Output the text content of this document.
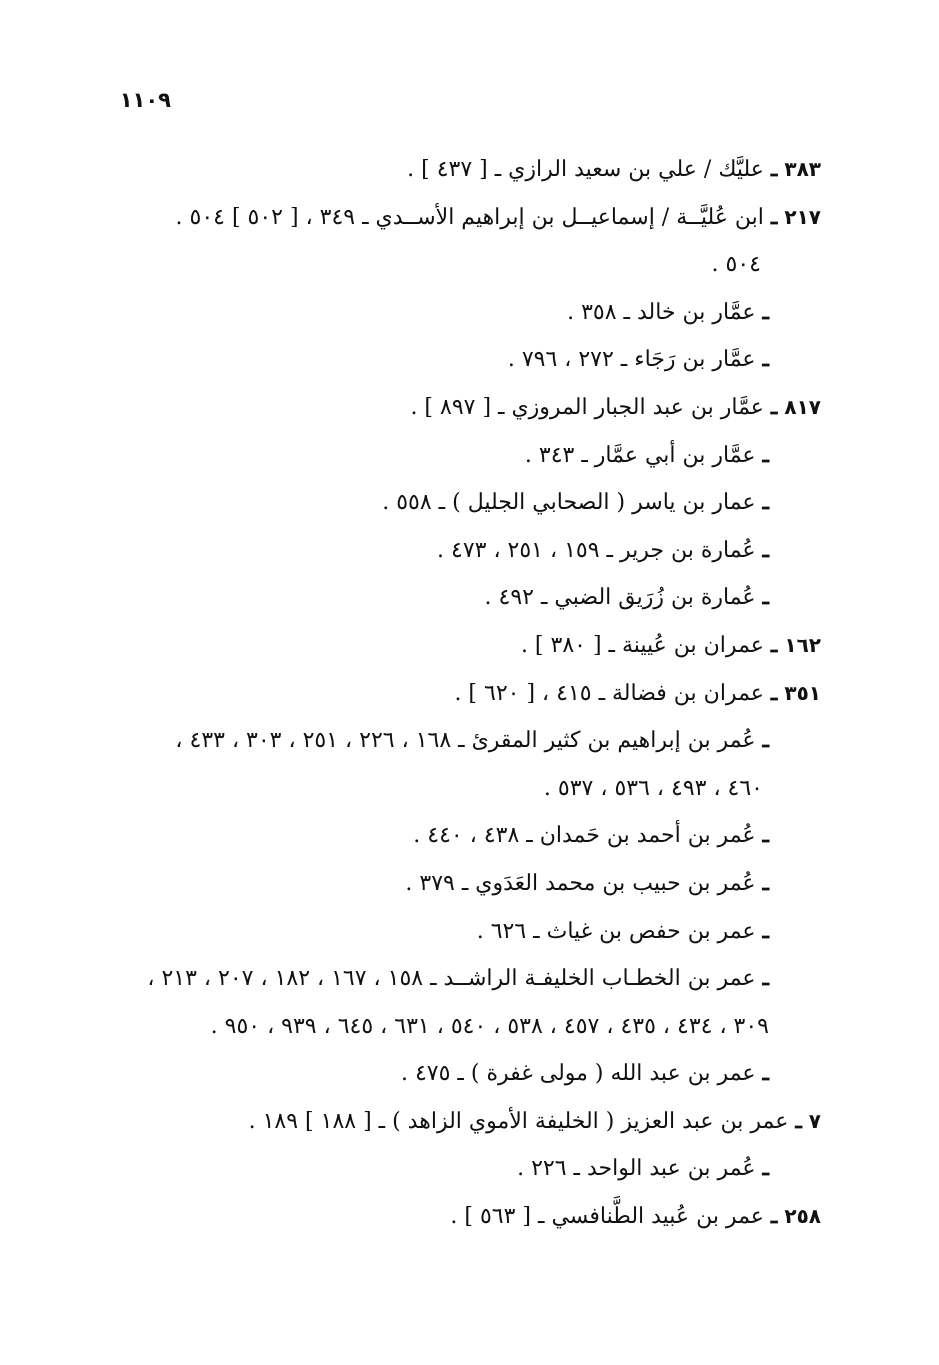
١١٠٩
٣٨٣ ـ عليَّك / علي بن سعيد الرازي ـ [ ٤٣٧ ] .
٢١٧ ـ ابن عُليَّــة / إسماعيــل بن إبراهيم الأســدي ـ ٣٤٩ ، [ ٥٠٢ ] ٥٠٤ .
٥٠٤ .
ـ عمَّار بن خالد ـ ٣٥٨ .
ـ عمَّار بن رَجَاء ـ ٢٧٢ ، ٧٩٦ .
٨١٧ ـ عمَّار بن عبد الجبار المروزي ـ [ ٨٩٧ ] .
ـ عمَّار بن أبي عمَّار ـ ٣٤٣ .
ـ عمار بن ياسر ( الصحابي الجليل ) ـ ٥٥٨ .
ـ عُمارة بن جرير ـ ١٥٩ ، ٢٥١ ، ٤٧٣ .
ـ عُمارة بن زُرَيق الضبي ـ ٤٩٢ .
١٦٢ ـ عمران بن عُيينة ـ [ ٣٨٠ ] .
٣٥١ ـ عمران بن فضالة ـ ٤١٥ ، [ ٦٢٠ ] .
ـ عُمر بن إبراهيم بن كثير المقرئ ـ ١٦٨ ، ٢٢٦ ، ٢٥١ ، ٣٠٣ ، ٤٣٣ ،
٤٦٠ ، ٤٩٣ ، ٥٣٦ ، ٥٣٧ .
ـ عُمر بن أحمد بن حَمدان ـ ٤٣٨ ، ٤٤٠ .
ـ عُمر بن حبيب بن محمد العَدَوي ـ ٣٧٩ .
ـ عمر بن حفص بن غياث ـ ٦٢٦ .
ـ عمر بن الخطـاب الخليفـة الراشــد ـ ١٥٨ ، ١٦٧ ، ١٨٢ ، ٢٠٧ ، ٢١٣ ،
٣٠٩ ، ٤٣٤ ، ٤٣٥ ، ٤٥٧ ، ٥٣٨ ، ٥٤٠ ، ٦٣١ ، ٦٤٥ ، ٩٣٩ ، ٩٥٠ .
ـ عمر بن عبد الله ( مولى غفرة ) ـ ٤٧٥ .
٧ ـ عمر بن عبد العزيز ( الخليفة الأموي الزاهد ) ـ [ ١٨٨ ] ١٨٩ .
ـ عُمر بن عبد الواحد ـ ٢٢٦ .
٢٥٨ ـ عمر بن عُبيد الطَّنافسي ـ [ ٥٦٣ ] .
